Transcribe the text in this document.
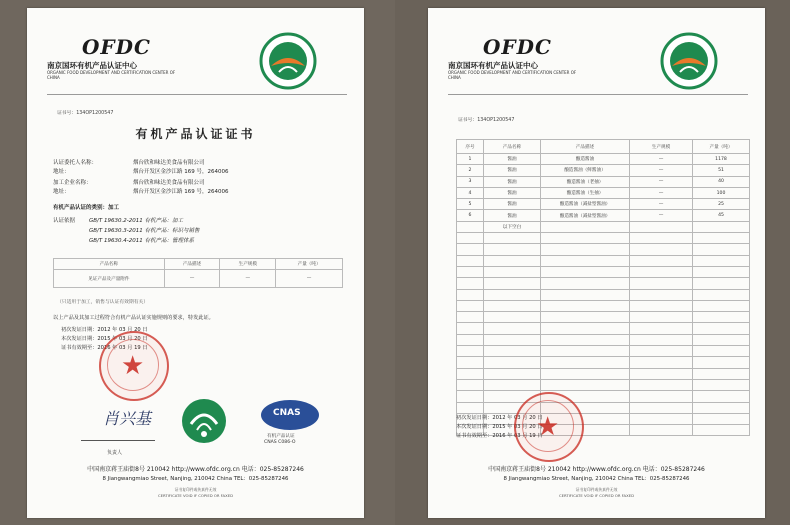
OFDC
南京国环有机产品认证中心
ORGANIC FOOD DEVELOPMENT AND CERTIFICATION CENTER OF CHINA
证书号：134OP1200547
有机产品认证证书
认证委托人名称：	烟台欣和味达美食品有限公司
地址：	烟台开发区金沙江路 169 号，264006
加工企业名称：	烟台欣和味达美食品有限公司
地址：	烟台开发区金沙江路 169 号，264006
有机产品认证的类别：加工
认证依据	GB/T 19630.2-2011 有机产品：加工
GB/T 19630.3-2011 有机产品：标识与销售
GB/T 19630.4-2011 有机产品：管理体系
产品名称	产品描述	生产规模	产量（吨）
见证产品及产量附件	—	—	—
（只适用于加工，销售与认证有效期有关）
以上产品及其加工过程符合有机产品认证实施规则的要求，特发此证。
初次发证日期：2012 年 03 月 20 日
本次发证日期：2015 年 03 月 20 日
证书有效期至：2016 年 03 月 19 日
★
肖兴基
负责人
CNAS
有机产品认证
CNAS C086-O
中国南京蒋王庙街8号 210042 http://www.ofdc.org.cn 电话：025-85287246
8 Jiangwangmiao Street, Nanjing, 210042 China TEL：025-85287246
证书复印件或传真件无效
CERTIFICATE VOID IF COPIED OR FAXED
OFDC
南京国环有机产品认证中心
ORGANIC FOOD DEVELOPMENT AND CERTIFICATION CENTER OF CHINA
证书号：134OP1200547
序号	产品名称	产品描述	生产规模	产量（吨）
1	酱油	酿造酱油	—	1178
2	酱油	酿造酱油（鲜酱油）	—	51
3	酱油	酿造酱油（老抽）	—	40
4	酱油	酿造酱油（生抽）	—	100
5	酱油	酿造酱油（减盐型酱油）	—	25
6	酱油	酿造酱油（减盐型酱油）	—	45
	以下空白			

初次发证日期：2012 年 03 月 20 日
本次发证日期：2015 年 03 月 20 日
证书有效期至：2016 年 03 月 19 日
★
中国南京蒋王庙街8号 210042 http://www.ofdc.org.cn 电话：025-85287246
8 Jiangwangmiao Street, Nanjing, 210042 China TEL：025-85287246
证书复印件或传真件无效
CERTIFICATE VOID IF COPIED OR FAXED
